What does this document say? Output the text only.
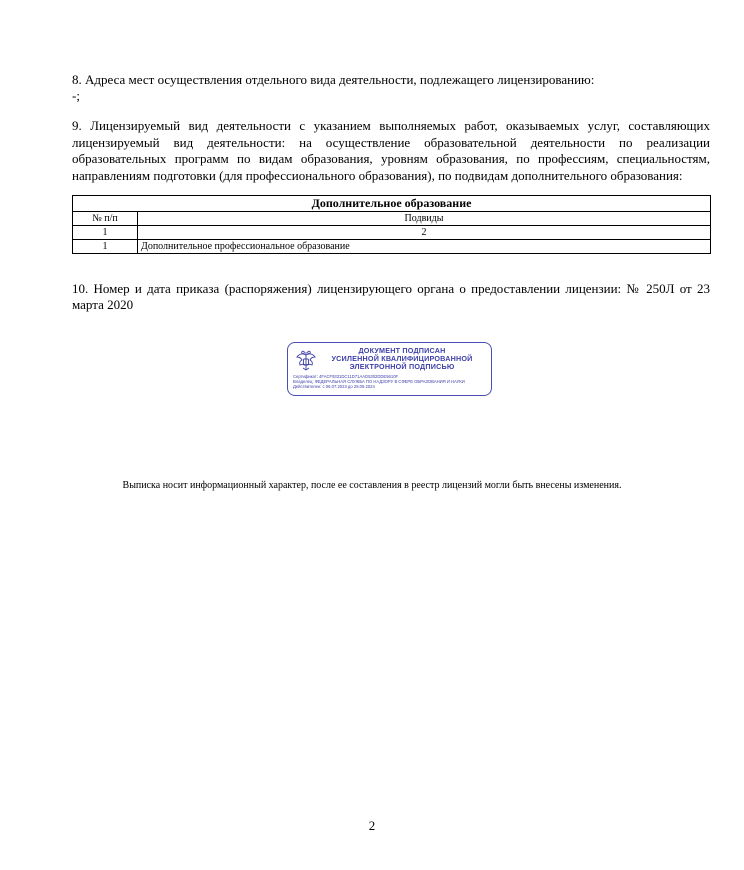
8. Адреса мест осуществления отдельного вида деятельности, подлежащего лицензированию:
-;
9. Лицензируемый вид деятельности с указанием выполняемых работ, оказываемых услуг, составляющих лицензируемый вид деятельности: на осуществление образовательной деятельности по реализации образовательных программ по видам образования, уровням образования, по профессиям, специальностям, направлениям подготовки (для профессионального образования), по подвидам дополнительного образования:
Дополнительное образование	
№ п/п	Подвиды
1	2
1	Дополнительное профессиональное образование
10. Номер и дата приказа (распоряжения) лицензирующего органа о предоставлении лицензии: № 250Л от 23 марта 2020
ДОКУМЕНТ ПОДПИСАН
УСИЛЕННОЙ КВАЛИФИЦИРОВАННОЙ
ЭЛЕКТРОННОЙ ПОДПИСЬЮ
Сертификат: 4FACF9331DC11D71AAD5302DDE5610F
Владелец: ФЕДЕРАЛЬНАЯ СЛУЖБА ПО НАДЗОРУ В СФЕРЕ ОБРАЗОВАНИЯ И НАУКИ
Действителен: с 06.07.2023 до 28.09.2024
Выписка носит информационный характер, после ее составления в реестр лицензий могли быть внесены изменения.
2
